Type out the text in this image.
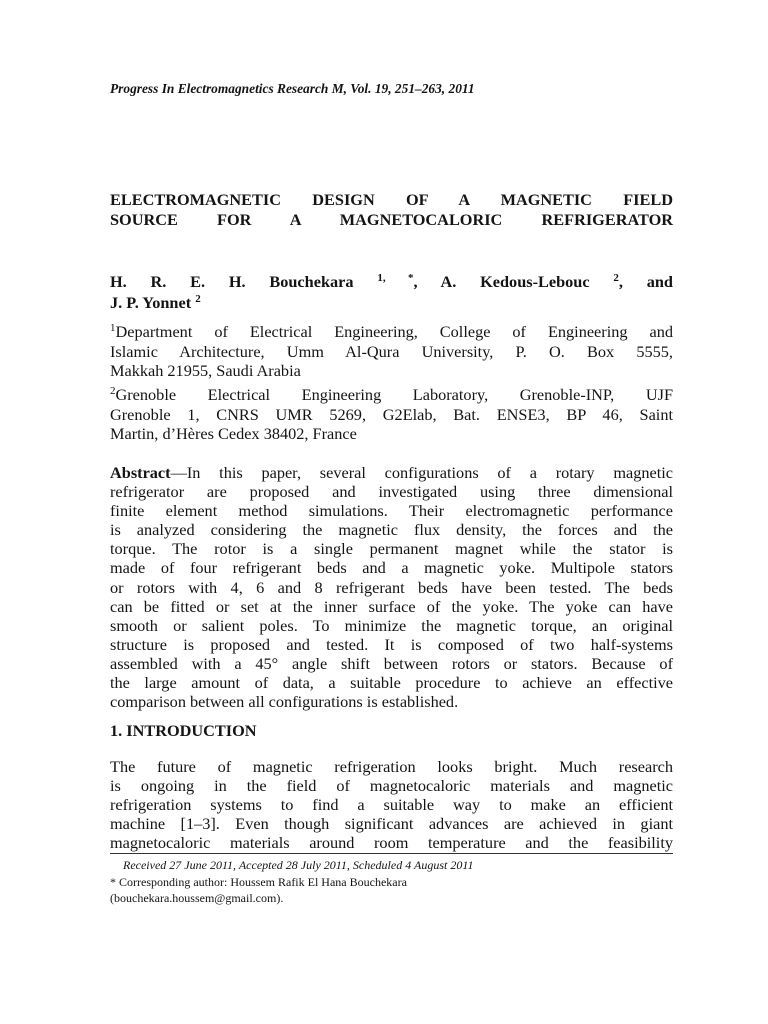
Progress In Electromagnetics Research M, Vol. 19, 251–263, 2011
ELECTROMAGNETIC DESIGN OF A MAGNETIC FIELD
SOURCE FOR A MAGNETOCALORIC REFRIGERATOR
H. R. E. H. Bouchekara $^{1, *}$, A. Kedous-Lebouc $^2$, and
J. P. Yonnet $^2$
$^1$Department of Electrical Engineering, College of Engineering and
Islamic Architecture, Umm Al-Qura University, P. O. Box 5555,
Makkah 21955, Saudi Arabia
$^2$Grenoble Electrical Engineering Laboratory, Grenoble-INP, UJF
Grenoble 1, CNRS UMR 5269, G2Elab, Bat. ENSE3, BP 46, Saint
Martin, d’Hères Cedex 38402, France
Abstract—In this paper, several configurations of a rotary magnetic
refrigerator are proposed and investigated using three dimensional
finite element method simulations. Their electromagnetic performance
is analyzed considering the magnetic flux density, the forces and the
torque. The rotor is a single permanent magnet while the stator is
made of four refrigerant beds and a magnetic yoke. Multipole stators
or rotors with 4, 6 and 8 refrigerant beds have been tested. The beds
can be fitted or set at the inner surface of the yoke. The yoke can have
smooth or salient poles. To minimize the magnetic torque, an original
structure is proposed and tested. It is composed of two half-systems
assembled with a 45° angle shift between rotors or stators. Because of
the large amount of data, a suitable procedure to achieve an effective
comparison between all configurations is established.
1. INTRODUCTION
The future of magnetic refrigeration looks bright. Much research
is ongoing in the field of magnetocaloric materials and magnetic
refrigeration systems to find a suitable way to make an efficient
machine [1–3]. Even though significant advances are achieved in giant
magnetocaloric materials around room temperature and the feasibility
Received 27 June 2011, Accepted 28 July 2011, Scheduled 4 August 2011
* Corresponding author: Houssem Rafik El Hana Bouchekara
(bouchekara.houssem@gmail.com).
